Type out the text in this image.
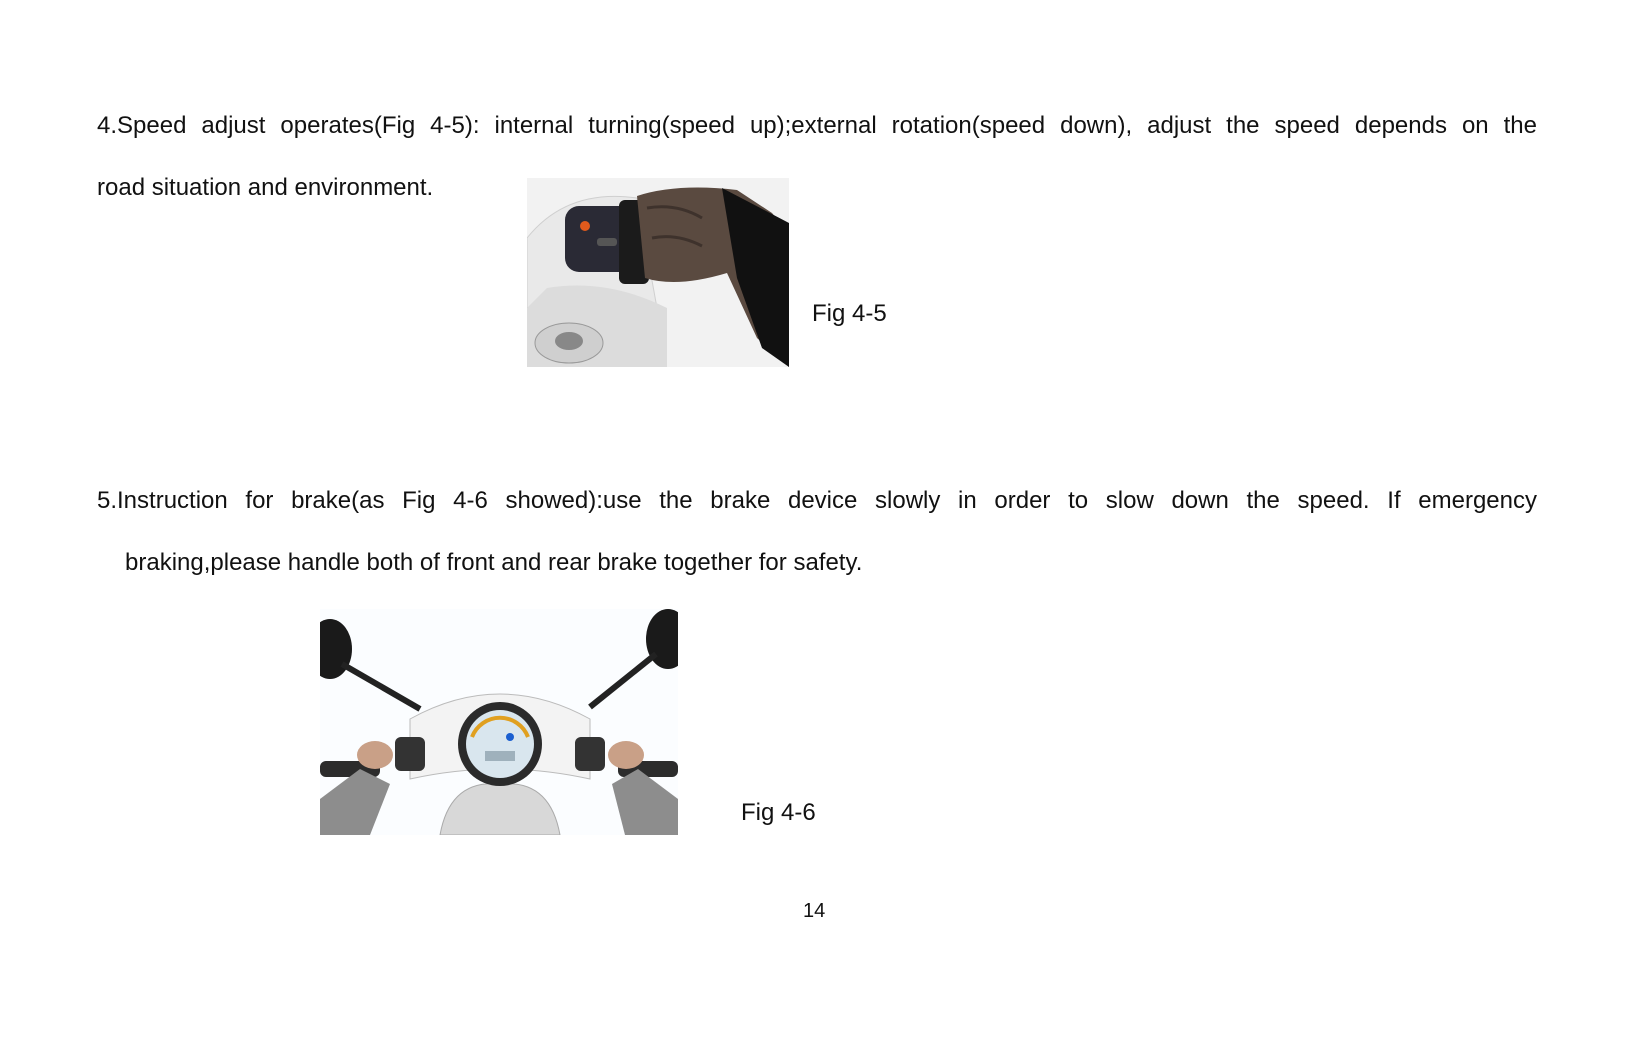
4.Speed adjust operates(Fig 4-5): internal turning(speed up);external rotation(speed down), adjust the speed depends on the
road situation and environment.
Fig 4-5
5.Instruction for brake(as Fig 4-6 showed):use the brake device slowly in order to slow down the speed. If emergency
braking,please handle both of front and rear brake together for safety.
Fig 4-6
14
